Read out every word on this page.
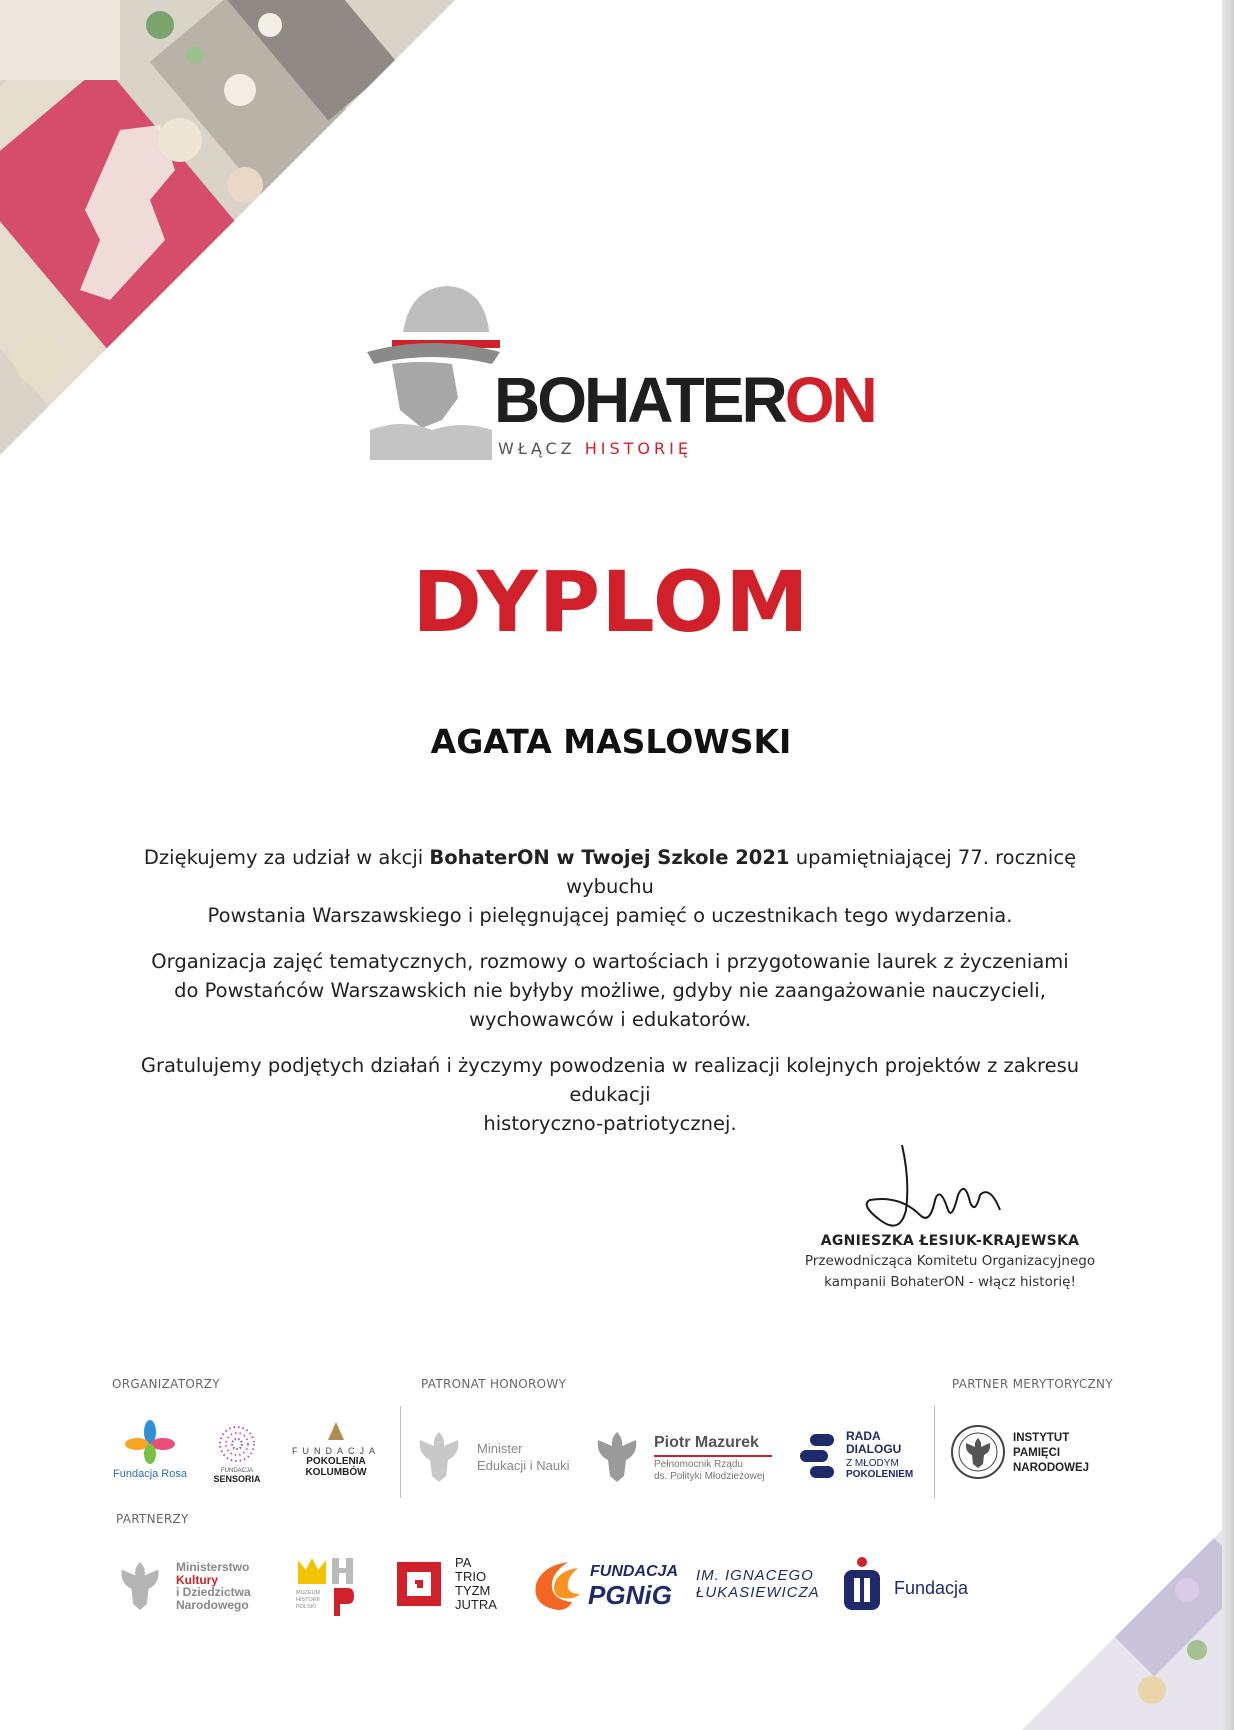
BOHATERON
WŁĄCZ HISTORIĘ
DYPLOM
AGATA MASLOWSKI

Dziękujemy za udział w akcji BohaterON w Twojej Szkole 2021 upamiętniającej 77. rocznicę wybuchu
Powstania Warszawskiego i pielęgnującej pamięć o uczestnikach tego wydarzenia.

Organizacja zajęć tematycznych, rozmowy o wartościach i przygotowanie laurek z życzeniami
do Powstańców Warszawskich nie byłyby możliwe, gdyby nie zaangażowanie nauczycieli,
wychowawców i edukatorów.

Gratulujemy podjętych działań i życzymy powodzenia w realizacji kolejnych projektów z zakresu edukacji
historyczno-patriotycznej.

AGNIESZKA ŁESIUK-KRAJEWSKA
Przewodnicząca Komitetu Organizacyjnego
kampanii BohaterON - włącz historię!
ORGANIZATORZY	PATRONAT HONOROWY	PARTNER MERYTORYCZNY
PARTNERZY
Fundacja Rosa	FUNDACJA
SENSORIA
FUNDACJA
POKOLENIA KOLUMBÓW
Minister
Edukacji i Nauki
Piotr Mazurek
Pełnomocnik Rządu
ds. Polityki Młodzieżowej
RADA
DIALOGU
Z MŁODYM
POKOLENIEM
INSTYTUT
PAMIĘCI
NARODOWEJ
Ministerstwo
Kultury
i Dziedzictwa
Narodowego
MUZEUM
HISTORII
POLSKI
PA
TRIO
TYZM
JUTRA
FUNDACJA
PGNiG
IM. IGNACEGO
ŁUKASIEWICZA	Fundacja
